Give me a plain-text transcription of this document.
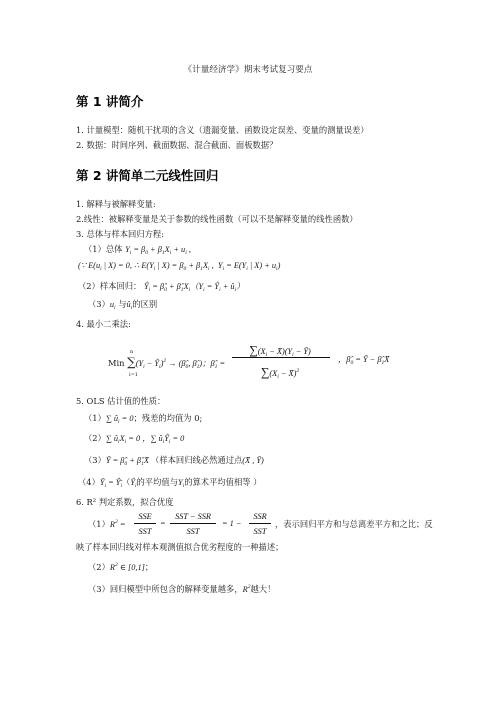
《计量经济学》期末考试复习要点
第 1 讲简介
1. 计量模型：随机干扰项的含义（遗漏变量、函数设定误差、变量的测量误差）
2. 数据：时间序列、截面数据、混合截面、面板数据？
第 2 讲简单二元线性回归
1. 解释与被解释变量:
2.线性：被解释变量是关于参数的线性函数（可以不是解释变量的线性函数）
3. 总体与样本回归方程:
（1）总体 $Y_i = \beta_0 + \beta_1X_i + u_i$ ,
(∵ $E(u_i$ | X) = 0, ∴ $E(Y_i$ | $X) = \beta_0 + \beta_1X_i$ ,  $Y_i = E(Y_i$ | $X) + u_i$)
（2）样本回归： $Ŷ_i$ = $\betâ_0$ + $\betâ_1X_i(Y_i$ = $Ŷ_i$ + $û_i$）
$(3)u_i$ 与$û_i$的区别
4. 最小二乘法:
Min $\sum(Y_i$ − $Ŷ_i)^2$ → ($\betâ_0$, $\betâ_1$)；$\betâ_1$ =
n
i=1
$\sum(X_i$ − $X̄)(Y_i$ − Ȳ)
$\sum(X_i$ − X̄)$^2$
，$\betâ_0$ = Ȳ − $\betâ_1X̄$
5. OLS 估计值的性质：
（1）∑ $û_i = 0$；残差的均值为 0;
（2）∑ $û_iX_i = 0$ ，∑ $û_iŶ_i = 0$
（3）Ȳ = $\betâ_0$ + $\betâ_1X̄$ （样本回归线必然通过点(X̄ , Ȳ)
$(4)Ȳ_i$ = $Ŷ̄_i(Ŷ_i$的平均值与$Y_i$的算术平均值相等 ）
6. R² 判定系数，拟合优度
$(1)R^2$ =
SSE
SST
=
SST − SSR
SST
= 1 −
SSR
SST
，表示回归平方和与总离差平方和之比；反
映了样本回归线对样本观测值拟合优劣程度的一种描述；
$(2)R^2$ ∈ [0,1]；
（3）回归模型中所包含的解释变量越多，$R^2$越大！
